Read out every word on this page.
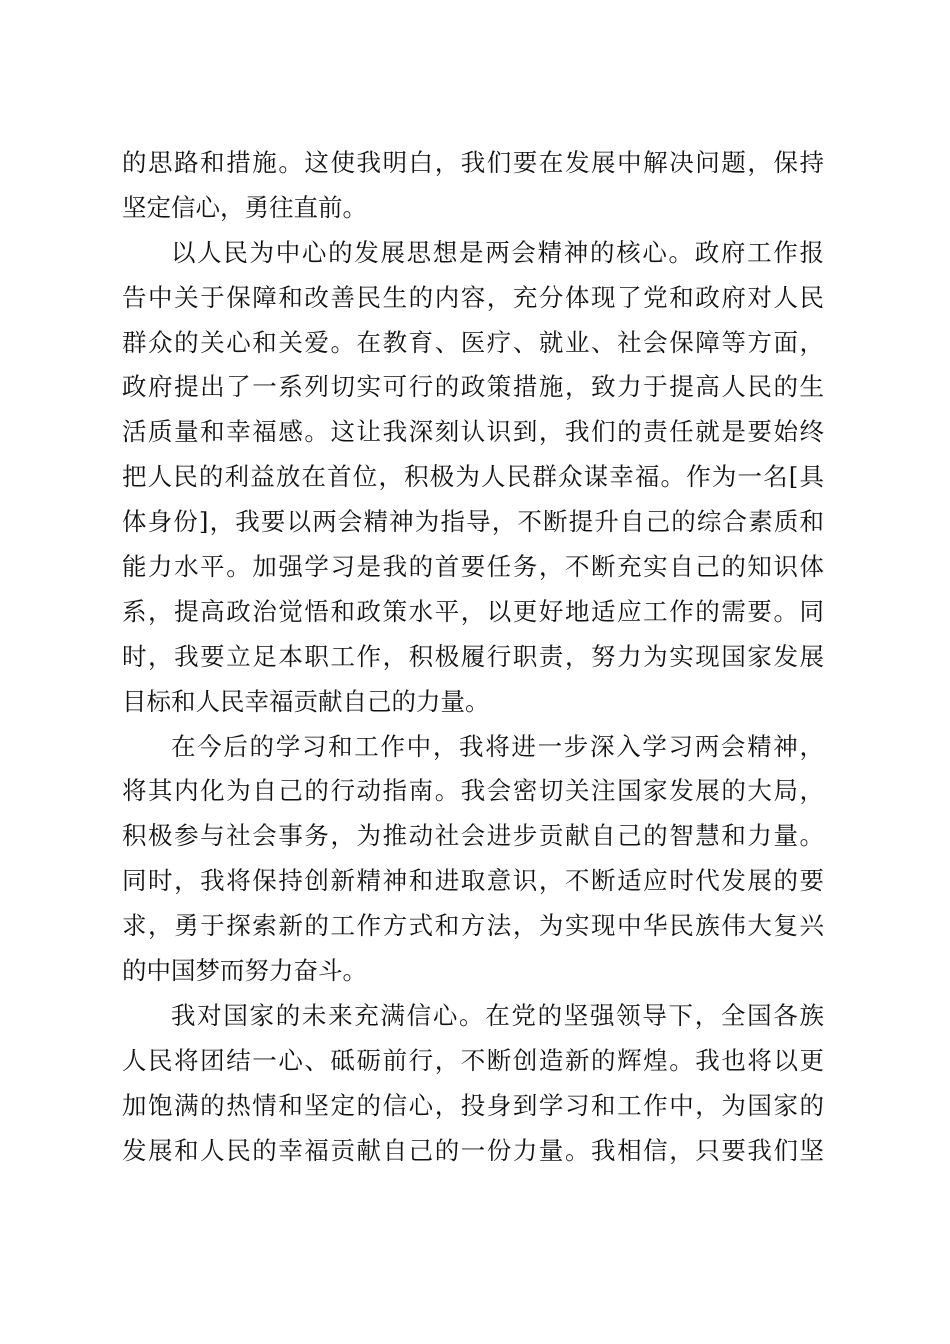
的思路和措施。这使我明白，我们要在发展中解决问题，保持
坚定信心，勇往直前。
以人民为中心的发展思想是两会精神的核心。政府工作报
告中关于保障和改善民生的内容，充分体现了党和政府对人民
群众的关心和关爱。在教育、医疗、就业、社会保障等方面，
政府提出了一系列切实可行的政策措施，致力于提高人民的生
活质量和幸福感。这让我深刻认识到，我们的责任就是要始终
把人民的利益放在首位，积极为人民群众谋幸福。作为一名[具
体身份]，我要以两会精神为指导，不断提升自己的综合素质和
能力水平。加强学习是我的首要任务，不断充实自己的知识体
系，提高政治觉悟和政策水平，以更好地适应工作的需要。同
时，我要立足本职工作，积极履行职责，努力为实现国家发展
目标和人民幸福贡献自己的力量。
在今后的学习和工作中，我将进一步深入学习两会精神，
将其内化为自己的行动指南。我会密切关注国家发展的大局，
积极参与社会事务，为推动社会进步贡献自己的智慧和力量。
同时，我将保持创新精神和进取意识，不断适应时代发展的要
求，勇于探索新的工作方式和方法，为实现中华民族伟大复兴
的中国梦而努力奋斗。
我对国家的未来充满信心。在党的坚强领导下，全国各族
人民将团结一心、砥砺前行，不断创造新的辉煌。我也将以更
加饱满的热情和坚定的信心，投身到学习和工作中，为国家的
发展和人民的幸福贡献自己的一份力量。我相信，只要我们坚
